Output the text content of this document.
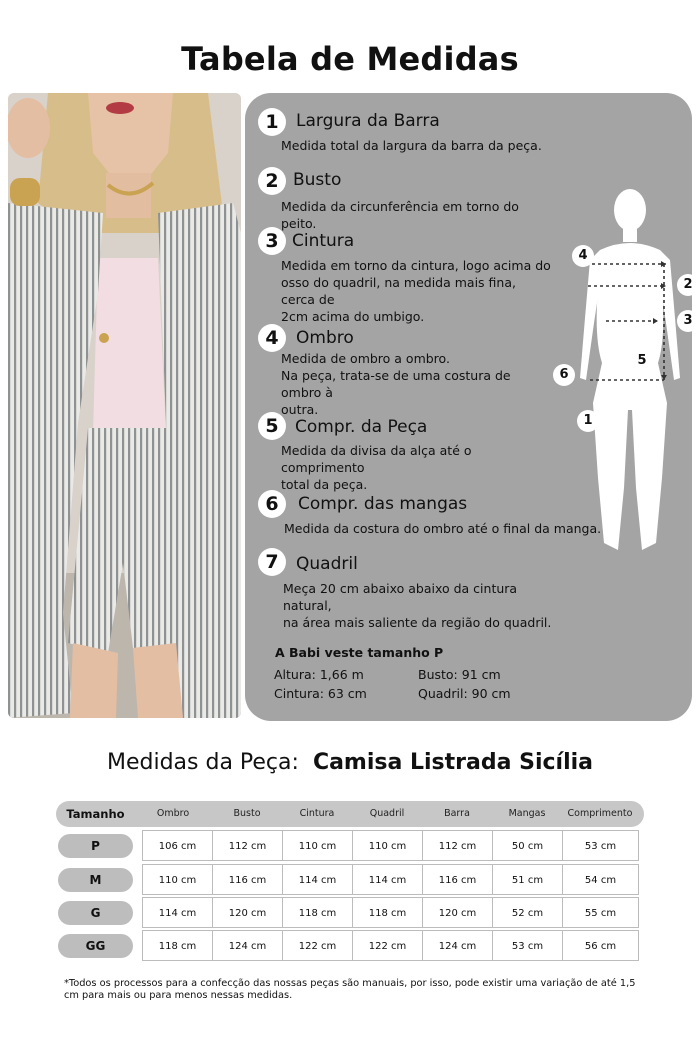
Tabela de Medidas
1	Largura da Barra
Medida total da largura da barra da peça.
2 Busto
Medida da circunferência em torno do peito.
3 Cintura
Medida em torno da cintura, logo acima do
osso do quadril, na medida mais fina, cerca de
2cm acima do umbigo.
4	Ombro
Medida de ombro a ombro.
Na peça, trata-se de uma costura de ombro à
outra.
5 Compr. da Peça
Medida da divisa da alça até o comprimento
total da peça.
6	Compr. das mangas
Medida da costura do ombro até o final da manga.
7	Quadril
Meça 20 cm abaixo abaixo da cintura natural,
na área mais saliente da região do quadril.
A Babi veste tamanho P
Altura: 1,66 m	Busto: 91 cm
Cintura: 63 cm	Quadril: 90 cm
4
2
3
5
6
1
Medidas da Peça: Camisa Listrada Sicília
Tamanho	Ombro	Busto	Cintura	Quadril	Barra	Mangas	Comprimento
P	106 cm	112 cm	110 cm	110 cm	112 cm	50 cm	53 cm
M	110 cm	116 cm	114 cm	114 cm	116 cm	51 cm	54 cm
G	114 cm	120 cm	118 cm	118 cm	120 cm	52 cm	55 cm
GG	118 cm	124 cm	122 cm	122 cm	124 cm	53 cm	56 cm
*Todos os processos para a confecção das nossas peças são manuais, por isso, pode existir uma variação de até 1,5 cm para mais ou para menos nessas medidas.
